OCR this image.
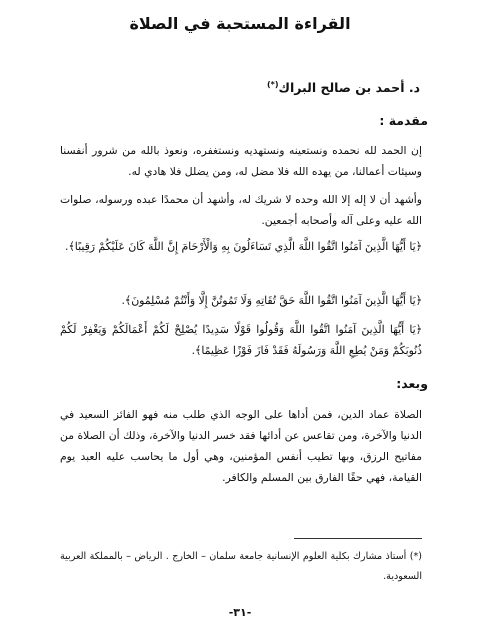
القراءة المستحبة في الصلاة

د. أحمد بن صالح البراك(*)

مقدمة :

إن الحمد لله نحمده ونستعينه ونستهديه ونستغفره، ونعوذ بالله من شرور أنفسنا وسيئات أعمالنا، من يهده الله فلا مضل له، ومن يضلل فلا هادي له.

وأشهد أن لا إله إلا الله وحده لا شريك له، وأشهد أن محمدًا عبده ورسوله، صلوات الله عليه وعلى آله وأصحابه أجمعين.

﴿يَا أَيُّهَا الَّذِينَ آمَنُوا اتَّقُوا اللَّهَ الَّذِي تَسَاءَلُونَ بِهِ وَالْأَرْحَامَ إِنَّ اللَّهَ كَانَ عَلَيْكُمْ رَقِيبًا﴾.

﴿يَا أَيُّهَا الَّذِينَ آمَنُوا اتَّقُوا اللَّهَ حَقَّ تُقَاتِهِ وَلَا تَمُوتُنَّ إِلَّا وَأَنْتُمْ مُسْلِمُونَ﴾.

﴿يَا أَيُّهَا الَّذِينَ آمَنُوا اتَّقُوا اللَّهَ وَقُولُوا قَوْلًا سَدِيدًا يُصْلِحْ لَكُمْ أَعْمَالَكُمْ وَيَغْفِرْ لَكُمْ ذُنُوبَكُمْ وَمَنْ يُطِعِ اللَّهَ وَرَسُولَهُ فَقَدْ فَازَ فَوْزًا عَظِيمًا﴾.

وبعد:

الصلاة عماد الدين، فمن أداها على الوجه الذي طلب منه فهو الفائز السعيد في الدنيا والآخرة، ومن تقاعس عن أدائها فقد خسر الدنيا والآخرة، وذلك أن الصلاة من مفاتيح الرزق، وبها تطيب أنفس المؤمنين، وهي أول ما يحاسب عليه العبد يوم القيامة، فهي حقًا الفارق بين المسلم والكافر.

(*) أستاذ مشارك بكلية العلوم الإنسانية جامعة سلمان – الخارج . الرياض – بالمملكة العربية السعودية.

-٣١-
